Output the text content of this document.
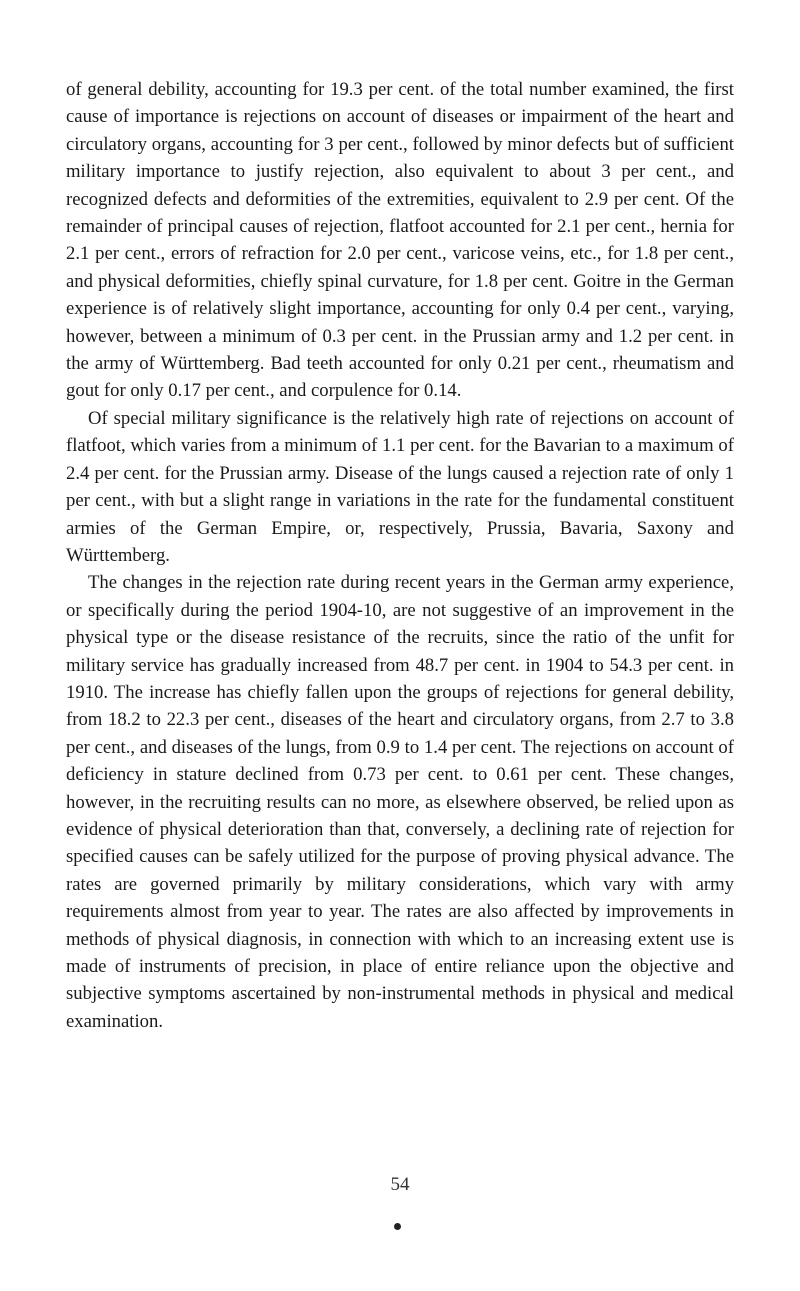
of general debility, accounting for 19.3 per cent. of the total number examined, the first cause of importance is rejections on account of diseases or impairment of the heart and circulatory organs, accounting for 3 per cent., followed by minor defects but of sufficient military importance to justify rejection, also equivalent to about 3 per cent., and recognized defects and deformities of the extremities, equivalent to 2.9 per cent. Of the remainder of principal causes of rejection, flatfoot accounted for 2.1 per cent., hernia for 2.1 per cent., errors of refraction for 2.0 per cent., varicose veins, etc., for 1.8 per cent., and physical deformities, chiefly spinal curvature, for 1.8 per cent. Goitre in the German experience is of relatively slight importance, accounting for only 0.4 per cent., varying, however, between a minimum of 0.3 per cent. in the Prussian army and 1.2 per cent. in the army of Württemberg. Bad teeth accounted for only 0.21 per cent., rheumatism and gout for only 0.17 per cent., and corpulence for 0.14.

Of special military significance is the relatively high rate of rejections on account of flatfoot, which varies from a minimum of 1.1 per cent. for the Bavarian to a maximum of 2.4 per cent. for the Prussian army. Disease of the lungs caused a rejection rate of only 1 per cent., with but a slight range in variations in the rate for the fundamental constituent armies of the German Empire, or, respectively, Prussia, Bavaria, Saxony and Württemberg.

The changes in the rejection rate during recent years in the German army experience, or specifically during the period 1904-10, are not suggestive of an improvement in the physical type or the disease resistance of the recruits, since the ratio of the unfit for military service has gradually increased from 48.7 per cent. in 1904 to 54.3 per cent. in 1910. The increase has chiefly fallen upon the groups of rejections for general debility, from 18.2 to 22.3 per cent., diseases of the heart and circulatory organs, from 2.7 to 3.8 per cent., and diseases of the lungs, from 0.9 to 1.4 per cent. The rejections on account of deficiency in stature declined from 0.73 per cent. to 0.61 per cent. These changes, however, in the recruiting results can no more, as elsewhere observed, be relied upon as evidence of physical deterioration than that, conversely, a declining rate of rejection for specified causes can be safely utilized for the purpose of proving physical advance. The rates are governed primarily by military considerations, which vary with army requirements almost from year to year. The rates are also affected by improvements in methods of physical diagnosis, in connection with which to an increasing extent use is made of instruments of precision, in place of entire reliance upon the objective and subjective symptoms ascertained by non-instrumental methods in physical and medical examination.

54
